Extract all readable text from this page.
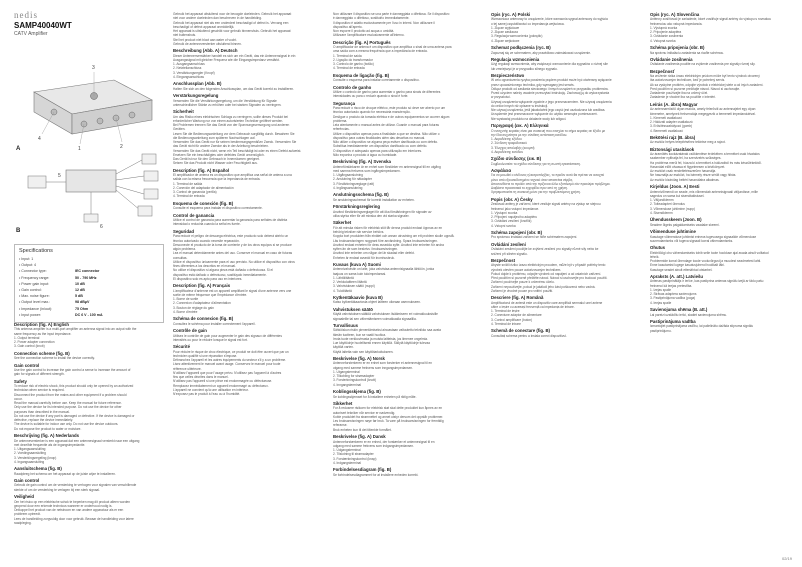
nedis
SAMP40040WT
CATV Amplifier
1	2
3
4
A
5
6
B
Specifications
• Input: 1
• Output: 4
• Connector type:	IEC connector
• Frequency range:	50 - 790 MHz
• Power gain input:	10 dB
• Gain control:	12 dB
• Max. noise figure:	5 dB
• Output level max.:	98 dBμV
• Impedance (in/out):	75 Ohm
• Input power:	DC 6 V - 100 mA
Description (fig. A) English
This antenna amplifier is a multi-port amplifier an antenna signal into an output with the
same frequency as the input impedance.
1. Output terminal
2. Power adapter connection
3. Gain control (knob)
Connection scheme (fig. B)
See the connection scheme to install the device correctly.
Gain control
Use the gain control to increase the gain control a sense to increase the amount of
gain for signals of different strength.
Safety
To reduce risk of electric shock, this product should only be opened by an authorized
technician when service is required.
Disconnect the product from the mains and other equipment if a problem should
occur.
Read the manual carefully before use. Keep the manual for future reference.
Only use the device for its intended purpose. Do not use the device for other
purposes than described in the manual.
Do not use the device if any part is damaged or defective. If the device is damaged or
defective, replace the device immediately.
The device is suitable for indoor use only. Do not use the device outdoors.
Do not expose the product to water or moisture.
Beschrijving (fig. A) Nederlands
De antenneversterker is een apparaat dat een antennesignaal versterkt naar een uitgang
met dezelfde frequentie als de ingangsimpedantie.
1. Uitgangsaansluiting
2. Voedingsaansluiting
3. Versterkingsregeling (knop)
4. Ingangsaansluiting
Aansluitschema (fig. B)
Raadpleeg het schema om het apparaat op de juiste wijze te installeren.
Gain control
Gebruik de gain control om de versterking te verhogen voor signalen van verschillende
sterkte of om de versterking te verlagen bij een sterk signaal.
Veiligheid
Om het risico op een elektrische schok te beperken mag dit product alleen worden
geopend door een erkende technicus wanneer er onderhoud nodig is.
Ontkoppel het product van de netstroom en van andere apparatuur als er een
probleem optreedt.
Lees de handleiding zorgvuldig door voor gebruik. Bewaar de handleiding voor latere
raadpleging.
Gebruik het apparaat uitsluitend voor de beoogde doeleinden. Gebruik het apparaat
niet voor andere doeleinden dan beschreven in de handleiding.
Gebruik het apparaat niet als een onderdeel beschadigd of defect is. Vervang een
beschadigd of defect apparaat onmiddellijk.
Het apparaat is uitsluitend geschikt voor gebruik binnenshuis. Gebruik het apparaat
niet buitenshuis.
Stel het product niet bloot aan water of vocht.
Gebruik de antenneversterker uitsluitend binnen.
Beschreibung (Abb. A) Deutsch
Dieser Antennenverstärker handelt es sich um ein Gerät, das ein Antennensignal in ein
Ausgangssignal mit gleicher Frequenz wie die Eingangsimpedanz verstärkt.
1. Ausgangsanschluss
2. Netzteilanschluss
3. Verstärkungsregler (Knopf)
4. Eingangsanschluss
Anschlussplan (Abb. B)
Halten Sie sich an den folgenden Anschlussplan, um das Gerät korrekt zu installieren.
Verstärkungsregelung
Verwenden Sie die Verstärkungsregelung, um die Verstärkung für Signale
unterschiedlicher Stärke zu erhöhen oder bei starken Signalen zu verringern.
Sicherheit
Um das Risiko eines elektrischen Schlags zu verringern, sollte dieses Produkt bei
erforderlicher Wartung nur von einem autorisierten Techniker geöffnet werden.
Bei Problemen trennen Sie das Gerät von der Spannungsversorgung und anderen
Geräten.
Lesen Sie die Bedienungsanleitung vor dem Gebrauch sorgfältig durch. Bewahren Sie
die Bedienungsanleitung zum späteren Nachschlagen auf.
Verwenden Sie das Gerät nur für seinen bestimmungsgemäßen Zweck. Verwenden Sie
das Gerät nicht für andere Zwecke als in der Anleitung beschrieben.
Verwenden Sie das Gerät nicht, wenn ein Teil beschädigt ist oder es einen Defekt aufweist.
Ersetzen Sie ein beschädigtes oder defektes Gerät unverzüglich.
Das Gerät ist nur für den Gebrauch in Innenräumen geeignet.
Setzen Sie das Produkt nicht Wasser oder Feuchtigkeit aus.
Description (fig. A) Español
El amplificador de antena es un dispositivo que amplifica una señal de antena a una
salida con la misma frecuencia que la impedancia de entrada.
1. Terminal de salida
2. Conexión del adaptador de alimentación
3. Control de ganancia (perilla)
4. Terminal de entrada
Esquema de conexión (fig. B)
Consulte el esquema para instalar el dispositivo correctamente.
Control de ganancia
Utilice el control de ganancia para aumentar la ganancia para señales de distinta
intensidad o reducirla cuando la señal es fuerte.
Seguridad
Para reducir el peligro de descarga eléctrica, este producto solo deberá abrirlo un
técnico autorizado cuando necesite reparación.
Desconecte el producto de la toma de corriente y de los otros equipos si se produce
algún problema.
Lea el manual detenidamente antes del uso. Conserve el manual en caso de futuras
consultas.
Utilice el dispositivo únicamente para el uso previsto. No utilice el dispositivo con otros
fines diferentes a los descritos en el manual.
No utilice el dispositivo si alguna pieza está dañada o defectuosa. Si el
dispositivo está dañado o defectuoso, sustitúyalo inmediatamente.
El dispositivo solo es apto para uso en interiores.
Description (fig. A) Français
L'amplificateur d'antenne est un appareil amplifiant le signal d'une antenne vers une
sortie de même fréquence que l'impédance d'entrée.
1. Borne de sortie
2. Connexion d'adaptateur d'alimentation
3. Bouton de réglage du gain
4. Borne d'entrée
Schéma de connexion (fig. B)
Consultez le schéma pour installer correctement l'appareil.
Contrôle de gain
Utilisez le contrôle de gain pour augmenter le gain des signaux de différentes
intensités ou pour le réduire lorsque le signal est fort.
Sécurité
Pour réduire le risque de choc électrique, ce produit ne doit être ouvert que par un
technicien qualifié si une réparation s'impose.
Débranchez l'appareil et les autres équipements du secteur s'il y a un problème.
Lisez attentivement le manuel avant usage. Conservez le manuel pour toute
référence ultérieure.
N'utilisez l'appareil que pour l'usage prévu. N'utilisez pas l'appareil à d'autres
fins que celles décrites dans le manuel.
N'utilisez pas l'appareil si une pièce est endommagée ou défectueuse.
Remplacez immédiatement un appareil endommagé ou défectueux.
L'appareil ne convient qu'à une utilisation en intérieur.
N'exposez pas le produit à l'eau ou à l'humidité.
Non utilizzare il dispositivo se una parte è danneggiata o difettosa. Se il dispositivo
è danneggiato o difettoso, sostituirlo immediatamente.
Il dispositivo è adatto esclusivamente per l'uso in interni. Non utilizzare il
dispositivo all'aperto.
Non esporre il prodotto ad acqua o umidità.
Utilizzare l'amplificatore esclusivamente all'interno.
Descrição (fig. A) Português
O amplificador de antena é um dispositivo que amplifica o sinal de uma antena para
uma saída com a mesma frequência que a impedância de entrada.
1. Terminal de saída
2. Ligação do transformador
3. Controlo de ganho (botão)
4. Terminal de entrada
Esquema de ligação (fig. B)
Consulte o esquema para instalar corretamente o dispositivo.
Controlo de ganho
Utilize o controlo de ganho para aumentar o ganho para sinais de diferentes
intensidades ou para o reduzir quando o sinal é forte.
Segurança
Para reduzir o risco de choque elétrico, este produto só deve ser aberto por um
técnico autorizado quando for necessária manutenção.
Desligue o produto da tomada elétrica e de outros equipamentos se ocorrer algum
problema.
Leia atentamente o manual antes de utilizar. Guarde o manual para futuras
referências.
Utilize o dispositivo apenas para a finalidade a que se destina. Não utilize o
dispositivo para outras finalidades além das descritas no manual.
Não utilize o dispositivo se alguma peça estiver danificada ou com defeito.
Substitua imediatamente um dispositivo danificado ou com defeito.
O dispositivo é adequado apenas para utilização em interiores.
Não exponha o produto à água ou humidade.
Beskrivning (fig. A) Svenska
Antennförstärkaren är en enhet som förstärker en antennsignal till en utgång
med samma frekvens som ingångsimpedansen.
1. Utgångsanslutning
2. Anslutning för nätadapter
3. Förstärkningsreglage (ratt)
4. Ingångsanslutning
Anslutningsschema (fig. B)
Se anslutningsschemat för korrekt installation av enheten.
Förstärkningsreglering
Använd förstärkningsreglaget för att öka förstärkningen för signaler av
olika styrka eller för att minska den vid starka signaler.
Säkerhet
För att minska risken för elektrisk stöt får denna produkt endast öppnas av en
behörig tekniker när service behövs.
Koppla bort produkten från elnätet och annan utrustning om ett problem skulle uppstå.
Läs bruksanvisningen noggrant före användning. Spara bruksanvisningen.
Använd endast enheten för dess avsedda syfte. Använd inte enheten för andra
syften än de som beskrivs i bruksanvisningen.
Använd inte enheten om någon del är skadad eller defekt.
Enheten är endast avsedd för inomhusbruk.
Kuvaus (kuva A) Suomi
Antennivahvistin on laite, joka vahvistaa antennisignaalia lähtöön, jonka
taajuus on sama kuin tuloimpedanssi.
1. Lähtöliitäntä
2. Verkkolaitteen liitäntä
3. Vahvistuksen säätö (nuppi)
4. Tuloliitäntä
Kytkentäkaavio (kuva B)
Katso kytkentäkaaviosta ohjeet laitteen oikeaan asennukseen.
Vahvistuksen säätö
Käytä vahvistuksen säätöä vahvistuksen lisäämiseen eri voimakkuuksisille
signaaleille tai sen vähentämiseen voimakkaalla signaalilla.
Turvallisuus
Sähköiskun riskin pienentämiseksi ainoastaan valtuutettu teknikko saa avata
tämän tuotteen, kun se vaatii huoltoa.
Irrota tuote verkkovirrasta ja muista laitteista, jos ilmenee ongelmia.
Lue käyttöohje huolellisesti ennen käyttöä. Säilytä käyttöohje tulevaa
käyttöä varten.
Käytä laitetta vain sen käyttötarkoitukseen.
Beskrivelse (fig. A) Norsk
Antenneforsterkeren er en enhet som forsterker et antennesignal til en
utgang med samme frekvens som inngangsimpedansen.
1. Utgangsterminal
2. Tilkobling for strømadapter
3. Forsterkningskontroll (knott)
4. Inngangsterminal
Koblingsskjema (fig. B)
Se koblingsskjemaet for å installere enheten på riktig måte.
Sikkerhet
For å redusere risikoen for elektrisk støt skal dette produktet kun åpnes av en
autorisert tekniker når service er nødvendig.
Koble produktet fra strømnettet og annet utstyr dersom det oppstår problemer.
Les bruksanvisningen nøye før bruk. Ta vare på bruksanvisningen for fremtidig
referanse.
Bruk enheten kun til det tiltenkte formålet.
Beskrivelse (fig. A) Dansk
Antenneforstærkeren er en enhed, der forstærker et antennesignal til en
udgang med samme frekvens som indgangsimpedansen.
1. Udgangsterminal
2. Tilslutning til strømadapter
3. Forstærkningskontrol (knap)
4. Indgangsterminal
Forbindelsesdiagram (fig. B)
Se forbindelsesdiagrammet for at installere enheden korrekt.
Opis (ryc. A) Polski
Wzmacniacz antenowy to urządzenie, które wzmacnia sygnał antenowy do wyjścia
o tej samej częstotliwości co impedancja wejściowa.
1. Złącze wyjściowe
2. Złącze zasilacza
3. Regulacja wzmocnienia (pokrętło)
4. Złącze wejściowe
Schemat podłączenia (ryc. B)
Zapoznaj się ze schematem, aby prawidłowo zainstalować urządzenie.
Regulacja wzmocnienia
Użyj regulacji wzmocnienia, aby zwiększyć wzmocnienie dla sygnałów o różnej sile
lub zmniejszyć je w przypadku silnego sygnału.
Bezpieczeństwo
W celu ograniczenia ryzyka porażenia prądem produkt może być otwierany wyłącznie
przez upoważnionego technika, gdy wymagany jest serwis.
Odłącz produkt od zasilania sieciowego i innych urządzeń w przypadku problemów.
Przed użyciem należy uważnie przeczytać instrukcję. Zachowaj ją do wykorzystania
w przyszłości.
Używaj urządzenia wyłącznie zgodnie z jego przeznaczeniem. Nie używaj urządzenia
do celów innych niż opisane w instrukcji.
Nie używaj urządzenia, jeśli jakakolwiek jego część jest uszkodzona lub wadliwa.
Urządzenie jest przeznaczone wyłącznie do użytku wewnątrz pomieszczeń.
Nie wystawiaj produktu na działanie wody lub wilgoci.
Περιγραφή (εικ. A) Ελληνικά
Ο ενισχυτής κεραίας είναι μια συσκευή που ενισχύει το σήμα κεραίας σε έξοδο με
την ίδια συχνότητα με την σύνθετη αντίσταση εισόδου.
1. Ακροδέκτης εξόδου
2. Σύνδεση τροφοδοτικού
3. Έλεγχος απολαβής (κουμπί)
4. Ακροδέκτης εισόδου
Σχέδιο σύνδεσης (εικ. B)
Συμβουλευτείτε το σχέδιο σύνδεσης για τη σωστή εγκατάσταση.
Ασφάλεια
Για να μειωθεί ο κίνδυνος ηλεκτροπληξίας, το προϊόν αυτό θα πρέπει να ανοιχτεί
μόνο από εξουσιοδοτημένο τεχνικό όταν απαιτείται σέρβις.
Αποσυνδέστε το προϊόν από την πρίζα και άλλο εξοπλισμό εάν προκύψει πρόβλημα.
Διαβάστε προσεκτικά το εγχειρίδιο πριν από τη χρήση.
Χρησιμοποιείτε τη συσκευή μόνο για την προβλεπόμενη χρήση.
Popis (obr. A) Česky
Zesilovač antény je zařízení, které zesiluje signál antény na výstup se stejnou
frekvencí jako vstupní impedance.
1. Výstupní svorka
2. Připojení napájecího adaptéru
3. Ovládání zesílení (knoflík)
4. Vstupní svorka
Schéma zapojení (obr. B)
Pro správnou instalaci zařízení se řiďte schématem zapojení.
Ovládání zesílení
Ovládání zesílení použijte ke zvýšení zesílení pro signály různé síly nebo ke
snížení při silném signálu.
Bezpečnost
Abyste snížili riziko úrazu elektrickým proudem, může být v případě potřeby tento
výrobek otevřen pouze autorizovaným technikem.
Pokud dojde k problému, odpojte výrobek od napájení a od ostatních zařízení.
Před použitím si pozorně přečtěte návod. Návod si uschovejte pro budoucí použití.
Zařízení používejte pouze k určenému účelu.
Zařízení nepoužívejte, pokud je jakákoli jeho část poškozená nebo vadná.
Zařízení je vhodné pouze pro vnitřní použití.
Descriere (fig. A) Română
Amplificatorul de antenă este un dispozitiv care amplifică semnalul unei antene
către o ieșire cu aceeași frecvență ca impedanța de intrare.
1. Terminal de ieșire
2. Conexiune adaptor de alimentare
3. Control amplificare (buton)
4. Terminal de intrare
Schemă de conectare (fig. B)
Consultați schema pentru a instala corect dispozitivul.
Opis (ryc. A) Slovenčina
Anténny zosilňovač je zariadenie, ktoré zosilňuje signál antény do výstupu s rovnakou
frekvenciou ako vstupná impedancia.
1. Výstupná svorka
2. Pripojenie adaptéra
3. Ovládanie zosilnenia
4. Vstupná svorka
Schéma pripojenia (obr. B)
Na správnu inštaláciu zariadenia sa riaďte schémou.
Ovládanie zosilnenia
Ovládanie zosilnenia použite na zvýšenie zosilnenia pre signály rôznej sily.
Bezpečnosť
Na zníženie rizika úrazu elektrickým prúdom môže byť tento výrobok otvorený
iba autorizovaným technikom, keď je potrebný servis.
Ak sa vyskytne problém, odpojte výrobok z elektrickej siete a od iných zariadení.
Pred použitím si pozorne prečítajte návod. Návod si uschovajte.
Zariadenie používajte iba na určený účel.
Zariadenie je vhodné iba na použitie v interiéri.
Leírás (A. ábra) Magyar
Az antennaerősítő olyan eszköz, amely felerősíti az antennajelet egy olyan
kimenetre, amelynek frekvenciája megegyezik a bemeneti impedanciáéval.
1. Kimeneti csatlakozó
2. Hálózati adapter csatlakozó
3. Erősítésszabályozó (gomb)
4. Bemeneti csatlakozó
Bekötési rajz (B. ábra)
Az eszköz helyes telepítéséhez tekintse meg a rajzot.
Biztonsági utasítások
Az áramütés kockázatának csökkentése érdekében a terméket csak hivatalos
szakember nyithatja fel, ha szervizelés szükséges.
Ha probléma merül fel, húzza ki a terméket a hálózatból és más készülékekből.
Használat előtt olvassa el figyelmesen a kézikönyvet.
Az eszközt csak rendeltetésszerűen használja.
Ne használja az eszközt, ha bármely része sérült vagy hibás.
Az eszköz kizárólag beltéri használatra alkalmas.
Kirjeldus (Joon. A) Eesti
Antennivõimendi on seade, mis võimendab antennisignaali väljundisse, mille
sagedus on sama kui sisendtakistusel.
1. Väljundklemm
2. Toiteadapteri ühendus
3. Võimenduse juhtimine (nupp)
4. Sisendklemm
Ühendusskeem (Joon. B)
Seadme õigeks paigaldamiseks vaadake skeemi.
Võimenduse juhtimine
Kasutage võimenduse juhtimist erineva tugevusega signaalide võimenduse
suurendamiseks või tugeva signaali korral vähendamiseks.
Ohutus
Elektrilöögi ohu vähendamiseks tohib selle toote hoolduse ajal avada ainult volitatud
tehnik.
Probleemide korral ühendage toode vooluvõrgust ja muudest seadmetest lahti.
Enne kasutamist lugege kasutusjuhend hoolikalt läbi.
Kasutage seadet ainult ettenähtud otstarbel.
Apraksts (A. att.) Latviešu
Antenas pastiprinātājs ir ierīce, kas pastiprina antenas signālu izejā ar tādu pašu
frekvenci kā ieejas pretestība.
1. Izejas spaile
2. Strāvas adaptera savienojums
3. Pastiprinājuma vadība (poga)
4. Ieejas spaile
Savienojuma shēma (B. att.)
Lai pareizi uzstādītu ierīci, skatiet savienojuma shēmu.
Pastiprinājuma vadība
Izmantojiet pastiprinājuma vadību, lai palielinātu dažāda stipruma signālu
pastiprinājumu.
02/19
